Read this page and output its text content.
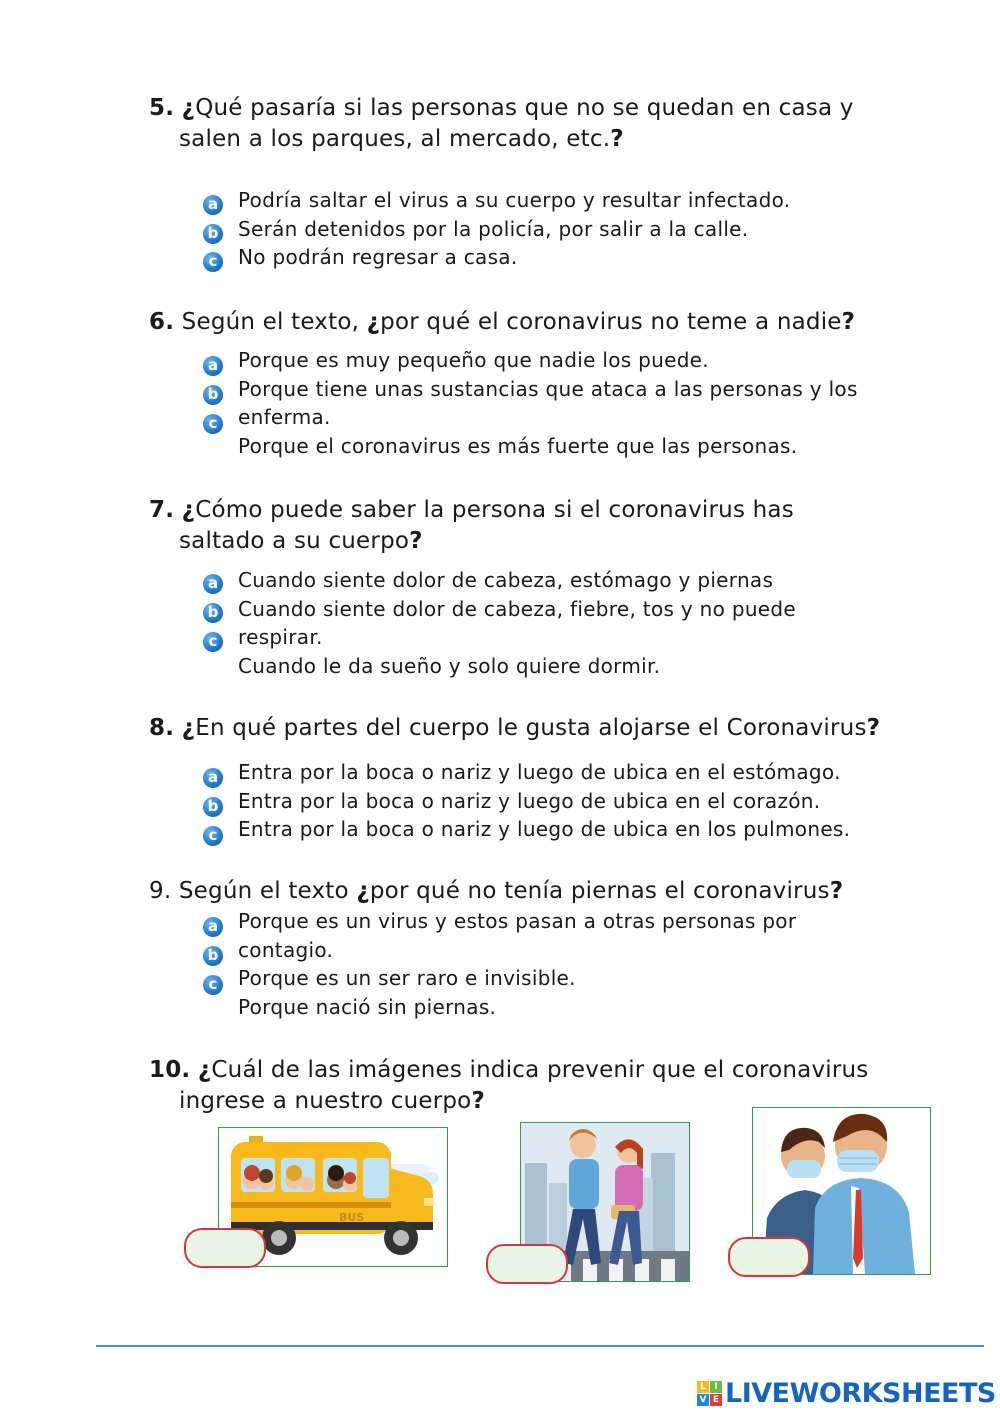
5. ¿Qué pasaría si las personas que no se quedan en casa y
salen a los parques, al mercado, etc.?
a Podría saltar el virus a su cuerpo y resultar infectado.
b Serán detenidos por la policía, por salir a la calle.
c No podrán regresar a casa.
6. Según el texto, ¿por qué el coronavirus no teme a nadie?
a Porque es muy pequeño que nadie los puede.
b Porque tiene unas sustancias que ataca a las personas y los
c enferma.
Porque el coronavirus es más fuerte que las personas.
7. ¿Cómo puede saber la persona si el coronavirus has
saltado a su cuerpo?
a Cuando siente dolor de cabeza, estómago y piernas
b Cuando siente dolor de cabeza, fiebre, tos y no puede
c respirar.
Cuando le da sueño y solo quiere dormir.
8. ¿En qué partes del cuerpo le gusta alojarse el Coronavirus?
a Entra por la boca o nariz y luego de ubica en el estómago.
b Entra por la boca o nariz y luego de ubica en el corazón.
c Entra por la boca o nariz y luego de ubica en los pulmones.
9. Según el texto ¿por qué no tenía piernas el coronavirus?
a Porque es un virus y estos pasan a otras personas por
b contagio.
c Porque es un ser raro e invisible.
Porque nació sin piernas.
10. ¿Cuál de las imágenes indica prevenir que el coronavirus
ingrese a nuestro cuerpo?
BUS
L I
V E LIVEWORKSHEETS
